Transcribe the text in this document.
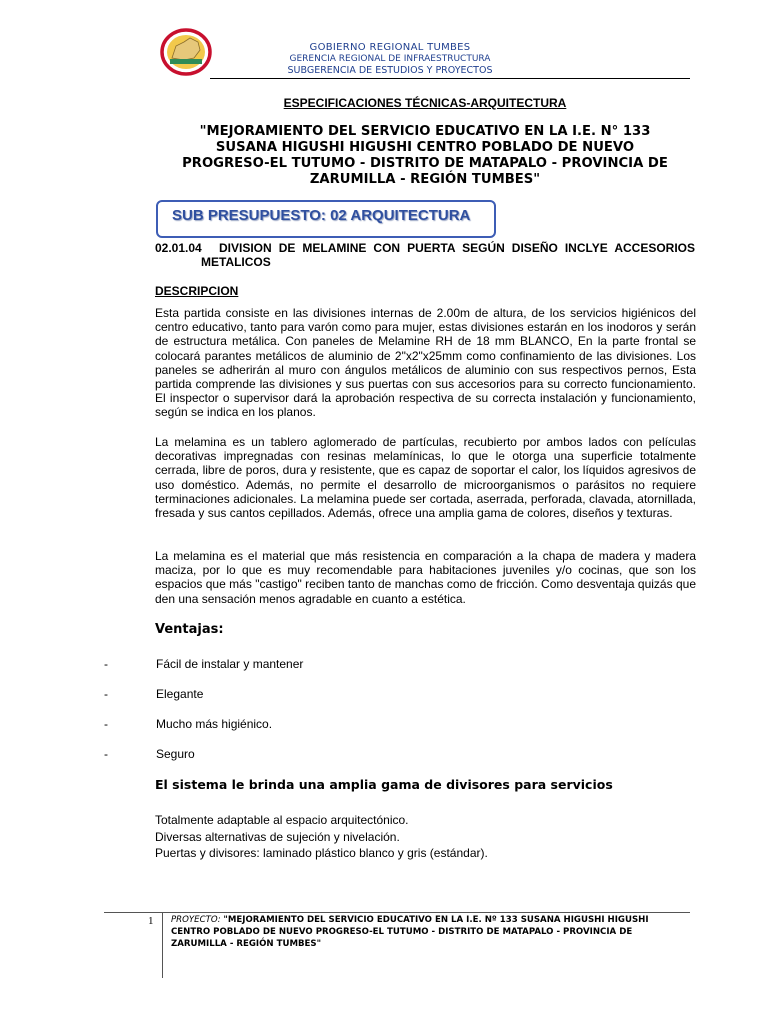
GOBIERNO REGIONAL TUMBES
GERENCIA REGIONAL DE INFRAESTRUCTURA
SUBGERENCIA DE ESTUDIOS Y PROYECTOS
ESPECIFICACIONES TÉCNICAS-ARQUITECTURA
"MEJORAMIENTO DEL SERVICIO EDUCATIVO EN LA I.E. N° 133
SUSANA HIGUSHI HIGUSHI CENTRO POBLADO DE NUEVO
PROGRESO-EL TUTUMO - DISTRITO DE MATAPALO - PROVINCIA DE
ZARUMILLA - REGIÓN TUMBES"
SUB PRESUPUESTO: 02 ARQUITECTURA
02.01.04 DIVISION DE MELAMINE CON PUERTA SEGÚN DISEÑO INCLYE ACCESORIOS
METALICOS
DESCRIPCION
Esta partida consiste en las divisiones internas de 2.00m de altura, de los servicios higiénicos del centro educativo, tanto para varón como para mujer, estas divisiones estarán en los inodoros y serán de estructura metálica. Con paneles de Melamine RH de 18 mm BLANCO, En la parte frontal se colocará parantes metálicos de aluminio de 2"x2"x25mm como confinamiento de las divisiones. Los paneles se adherirán al muro con ángulos metálicos de aluminio con sus respectivos pernos, Esta partida comprende las divisiones y sus puertas con sus accesorios para su correcto funcionamiento. El inspector o supervisor dará la aprobación respectiva de su correcta instalación y funcionamiento, según se indica en los planos.
La melamina es un tablero aglomerado de partículas, recubierto por ambos lados con películas decorativas impregnadas con resinas melamínicas, lo que le otorga una superficie totalmente cerrada, libre de poros, dura y resistente, que es capaz de soportar el calor, los líquidos agresivos de uso doméstico. Además, no permite el desarrollo de microorganismos o parásitos no requiere terminaciones adicionales. La melamina puede ser cortada, aserrada, perforada, clavada, atornillada, fresada y sus cantos cepillados. Además, ofrece una amplia gama de colores, diseños y texturas.
La melamina es el material que más resistencia en comparación a la chapa de madera y madera maciza, por lo que es muy recomendable para habitaciones juveniles y/o cocinas, que son los espacios que más "castigo" reciben tanto de manchas como de fricción. Como desventaja quizás que den una sensación menos agradable en cuanto a estética.
Ventajas:
-	Fácil de instalar y mantener
-	Elegante
-	Mucho más higiénico.
-	Seguro
El sistema le brinda una amplia gama de divisores para servicios
Totalmente adaptable al espacio arquitectónico.
Diversas alternativas de sujeción y nivelación.
Puertas y divisores: laminado plástico blanco y gris (estándar).
1 PROYECTO: "MEJORAMIENTO DEL SERVICIO EDUCATIVO EN LA I.E. Nº 133 SUSANA HIGUSHI HIGUSHI CENTRO POBLADO DE NUEVO PROGRESO-EL TUTUMO - DISTRITO DE MATAPALO - PROVINCIA DE ZARUMILLA - REGIÓN TUMBES"
